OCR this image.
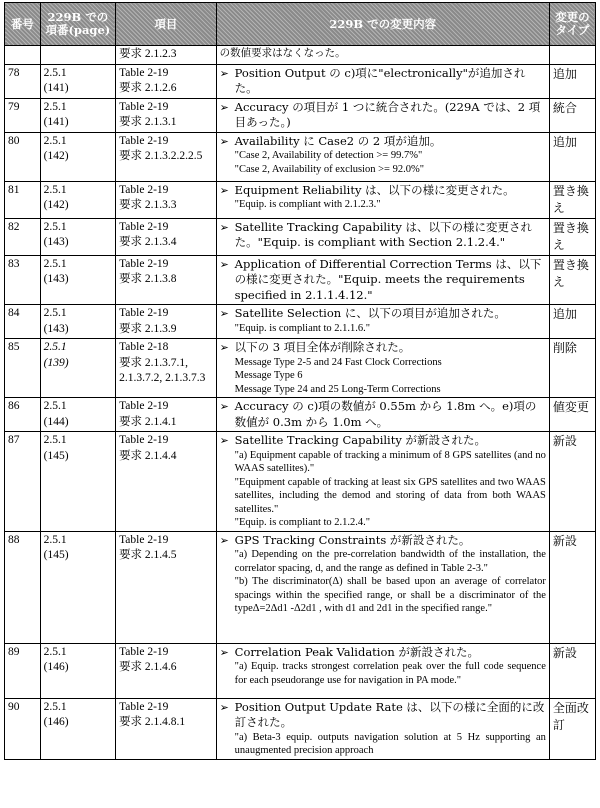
番号	229B での
項番(page)	項目	229B での変更内容	変更の
タイプ

		要求 2.1.2.3	の数値要求はなくなった。	

78	2.5.1
(141)	Table 2-19
要求 2.1.2.6	➢ Position Output の c)項に"electronically"が追加された。	追加
79	2.5.1
(141)	Table 2-19
要求 2.1.3.1	➢ Accuracy の項目が 1 つに統合された。(229A では、2 項目あった。)	統合
80	2.5.1
(142)	Table 2-19
要求 2.1.3.2.2.2.5	➢ Availability に Case2 の 2 項が追加。
"Case 2, Availability of detection >= 99.7%"
"Case 2, Availability of exclusion >= 92.0%"	追加
81	2.5.1
(142)	Table 2-19
要求 2.1.3.3	➢ Equipment Reliability は、以下の様に変更された。
"Equip. is compliant with 2.1.2.3."	置き換え
82	2.5.1
(143)	Table 2-19
要求 2.1.3.4	➢ Satellite Tracking Capability は、以下の様に変更された。"Equip. is compliant with Section 2.1.2.4."	置き換え
83	2.5.1
(143)	Table 2-19
要求 2.1.3.8	➢ Application of Differential Correction Terms は、以下の様に変更された。"Equip. meets the requirements specified in 2.1.1.4.12."	置き換え
84	2.5.1
(143)	Table 2-19
要求 2.1.3.9	➢ Satellite Selection に、以下の項目が追加された。
"Equip. is compliant to 2.1.1.6."	追加
85	2.5.1
(139)	Table 2-18
要求 2.1.3.7.1,
2.1.3.7.2, 2.1.3.7.3	➢ 以下の 3 項目全体が削除された。
Message Type 2-5 and 24 Fast Clock Corrections
Message Type 6
Message Type 24 and 25 Long-Term Corrections	削除
86	2.5.1
(144)	Table 2-19
要求 2.1.4.1	➢ Accuracy の c)項の数値が 0.55m から 1.8m へ。e)項の数値が 0.3m から 1.0m へ。	値変更
87	2.5.1
(145)	Table 2-19
要求 2.1.4.4	➢ Satellite Tracking Capability が新設された。
"a) Equipment capable of tracking a minimum of 8 GPS satellites (and no WAAS satellites)."
"Equipment capable of tracking at least six GPS satellites and two WAAS satellites, including the demod and storing of data from both WAAS satellites."
"Equip. is compliant to 2.1.2.4."	新設
88	2.5.1
(145)	Table 2-19
要求 2.1.4.5	➢ GPS Tracking Constraints が新設された。
"a) Depending on the pre-correlation bandwidth of the installation, the correlator spacing, d, and the range as defined in Table 2-3."
"b) The discriminator(Δ) shall be based upon an average of correlator spacings within the specified range, or shall be a discriminator of the typeΔ=2Δd1 -Δ2d1 , with d1 and 2d1 in the specified range."	新設
89	2.5.1
(146)	Table 2-19
要求 2.1.4.6	➢ Correlation Peak Validation が新設された。
"a) Equip. tracks strongest correlation peak over the full code sequence for each pseudorange use for navigation in PA mode."	新設
90	2.5.1
(146)	Table 2-19
要求 2.1.4.8.1	➢ Position Output Update Rate は、以下の様に全面的に改訂された。
"a) Beta-3 equip. outputs navigation solution at 5 Hz supporting an unaugmented precision approach	全面改訂
